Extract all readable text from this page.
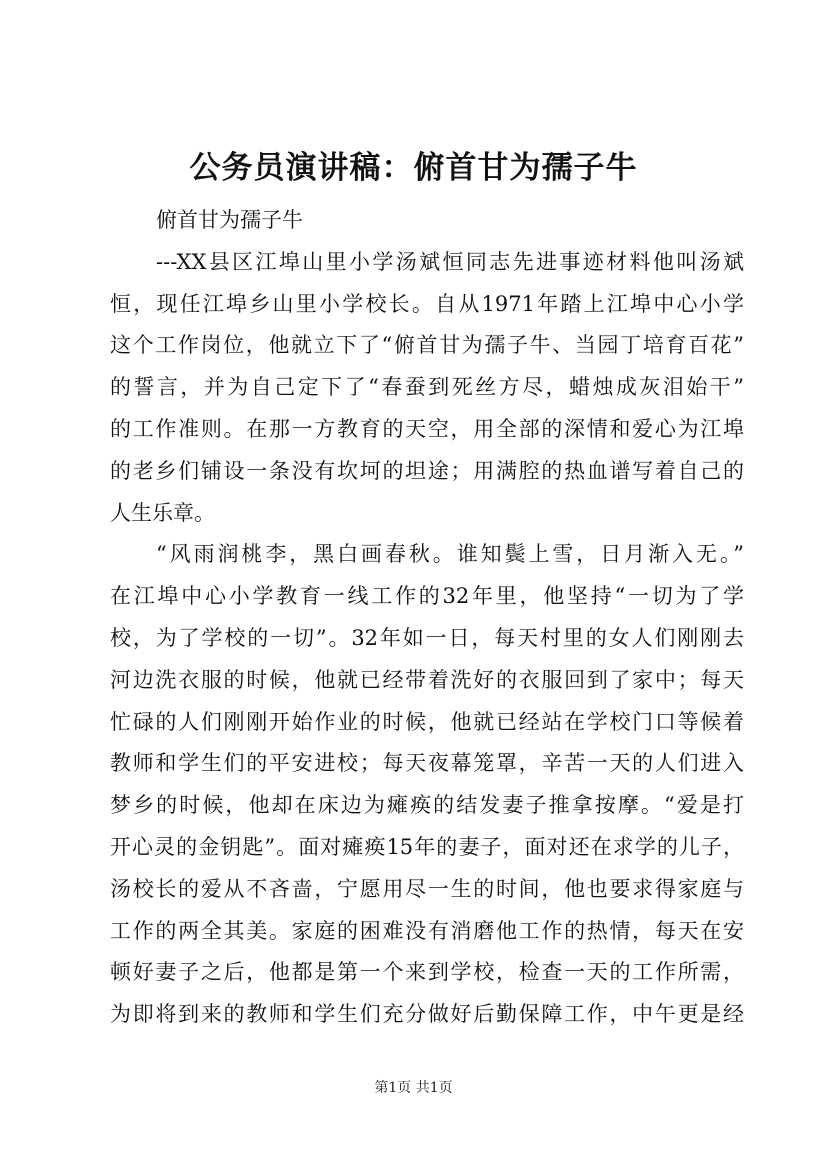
公务员演讲稿：俯首甘为孺子牛

俯首甘为孺子牛

---XX县区江埠山里小学汤斌恒同志先进事迹材料他叫汤斌
恒，现任江埠乡山里小学校长。自从1971年踏上江埠中心小学
这个工作岗位，他就立下了“俯首甘为孺子牛、当园丁培育百花”
的誓言，并为自己定下了“春蚕到死丝方尽，蜡烛成灰泪始干”
的工作准则。在那一方教育的天空，用全部的深情和爱心为江埠
的老乡们铺设一条没有坎坷的坦途；用满腔的热血谱写着自己的
人生乐章。

“风雨润桃李，黑白画春秋。谁知鬓上雪，日月渐入无。”
在江埠中心小学教育一线工作的32年里，他坚持“一切为了学
校，为了学校的一切”。32年如一日，每天村里的女人们刚刚去
河边洗衣服的时候，他就已经带着洗好的衣服回到了家中；每天
忙碌的人们刚刚开始作业的时候，他就已经站在学校门口等候着
教师和学生们的平安进校；每天夜幕笼罩，辛苦一天的人们进入
梦乡的时候，他却在床边为瘫痪的结发妻子推拿按摩。“爱是打
开心灵的金钥匙”。面对瘫痪15年的妻子，面对还在求学的儿子，
汤校长的爱从不吝啬，宁愿用尽一生的时间，他也要求得家庭与
工作的两全其美。家庭的困难没有消磨他工作的热情，每天在安
顿好妻子之后，他都是第一个来到学校，检查一天的工作所需，
为即将到来的教师和学生们充分做好后勤保障工作，中午更是经

第1页 共1页
